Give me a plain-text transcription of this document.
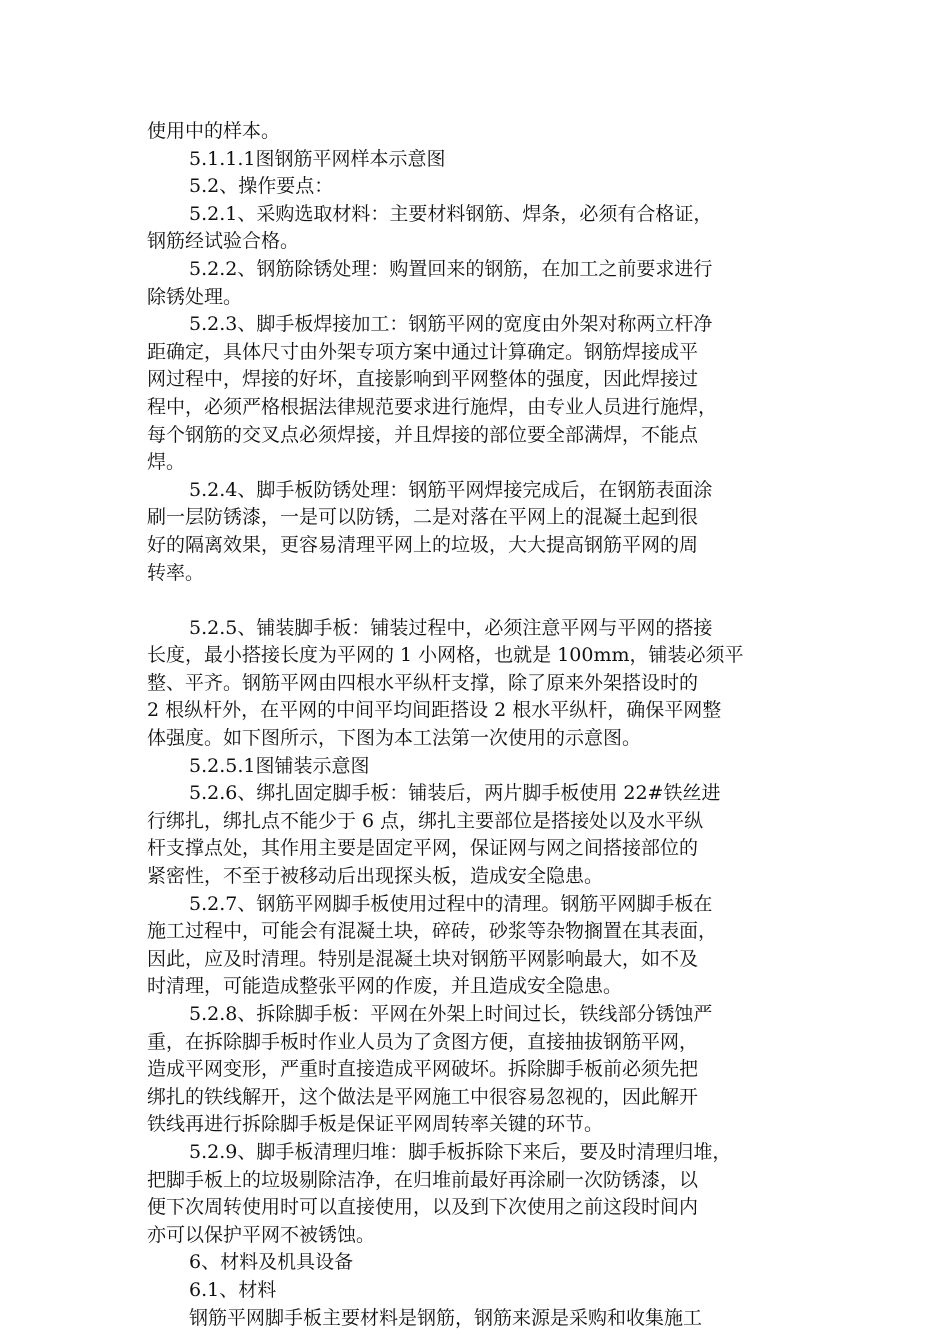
使用中的样本。
5.1.1.1图钢筋平网样本示意图
5.2、操作要点：
5.2.1、采购选取材料：主要材料钢筋、焊条，必须有合格证，
钢筋经试验合格。
5.2.2、钢筋除锈处理：购置回来的钢筋，在加工之前要求进行
除锈处理。
5.2.3、脚手板焊接加工：钢筋平网的宽度由外架对称两立杆净
距确定，具体尺寸由外架专项方案中通过计算确定。钢筋焊接成平
网过程中，焊接的好坏，直接影响到平网整体的强度，因此焊接过
程中，必须严格根据法律规范要求进行施焊，由专业人员进行施焊，
每个钢筋的交叉点必须焊接，并且焊接的部位要全部满焊，不能点
焊。
5.2.4、脚手板防锈处理：钢筋平网焊接完成后，在钢筋表面涂
刷一层防锈漆，一是可以防锈，二是对落在平网上的混凝土起到很
好的隔离效果，更容易清理平网上的垃圾，大大提高钢筋平网的周
转率。
5.2.5、铺装脚手板：铺装过程中，必须注意平网与平网的搭接
长度，最小搭接长度为平网的 1 小网格，也就是 100mm，铺装必须平
整、平齐。钢筋平网由四根水平纵杆支撑，除了原来外架搭设时的
2 根纵杆外，在平网的中间平均间距搭设 2 根水平纵杆，确保平网整
体强度。如下图所示，下图为本工法第一次使用的示意图。
5.2.5.1图铺装示意图
5.2.6、绑扎固定脚手板：铺装后，两片脚手板使用 22#铁丝进
行绑扎，绑扎点不能少于 6 点，绑扎主要部位是搭接处以及水平纵
杆支撑点处，其作用主要是固定平网，保证网与网之间搭接部位的
紧密性，不至于被移动后出现探头板，造成安全隐患。
5.2.7、钢筋平网脚手板使用过程中的清理。钢筋平网脚手板在
施工过程中，可能会有混凝土块，碎砖，砂浆等杂物搁置在其表面，
因此，应及时清理。特别是混凝土块对钢筋平网影响最大，如不及
时清理，可能造成整张平网的作废，并且造成安全隐患。
5.2.8、拆除脚手板：平网在外架上时间过长，铁线部分锈蚀严
重，在拆除脚手板时作业人员为了贪图方便，直接抽拔钢筋平网，
造成平网变形，严重时直接造成平网破坏。拆除脚手板前必须先把
绑扎的铁线解开，这个做法是平网施工中很容易忽视的，因此解开
铁线再进行拆除脚手板是保证平网周转率关键的环节。
5.2.9、脚手板清理归堆：脚手板拆除下来后，要及时清理归堆，
把脚手板上的垃圾剔除洁净，在归堆前最好再涂刷一次防锈漆，以
便下次周转使用时可以直接使用，以及到下次使用之前这段时间内
亦可以保护平网不被锈蚀。
6、材料及机具设备
6.1、材料
钢筋平网脚手板主要材料是钢筋，钢筋来源是采购和收集施工
